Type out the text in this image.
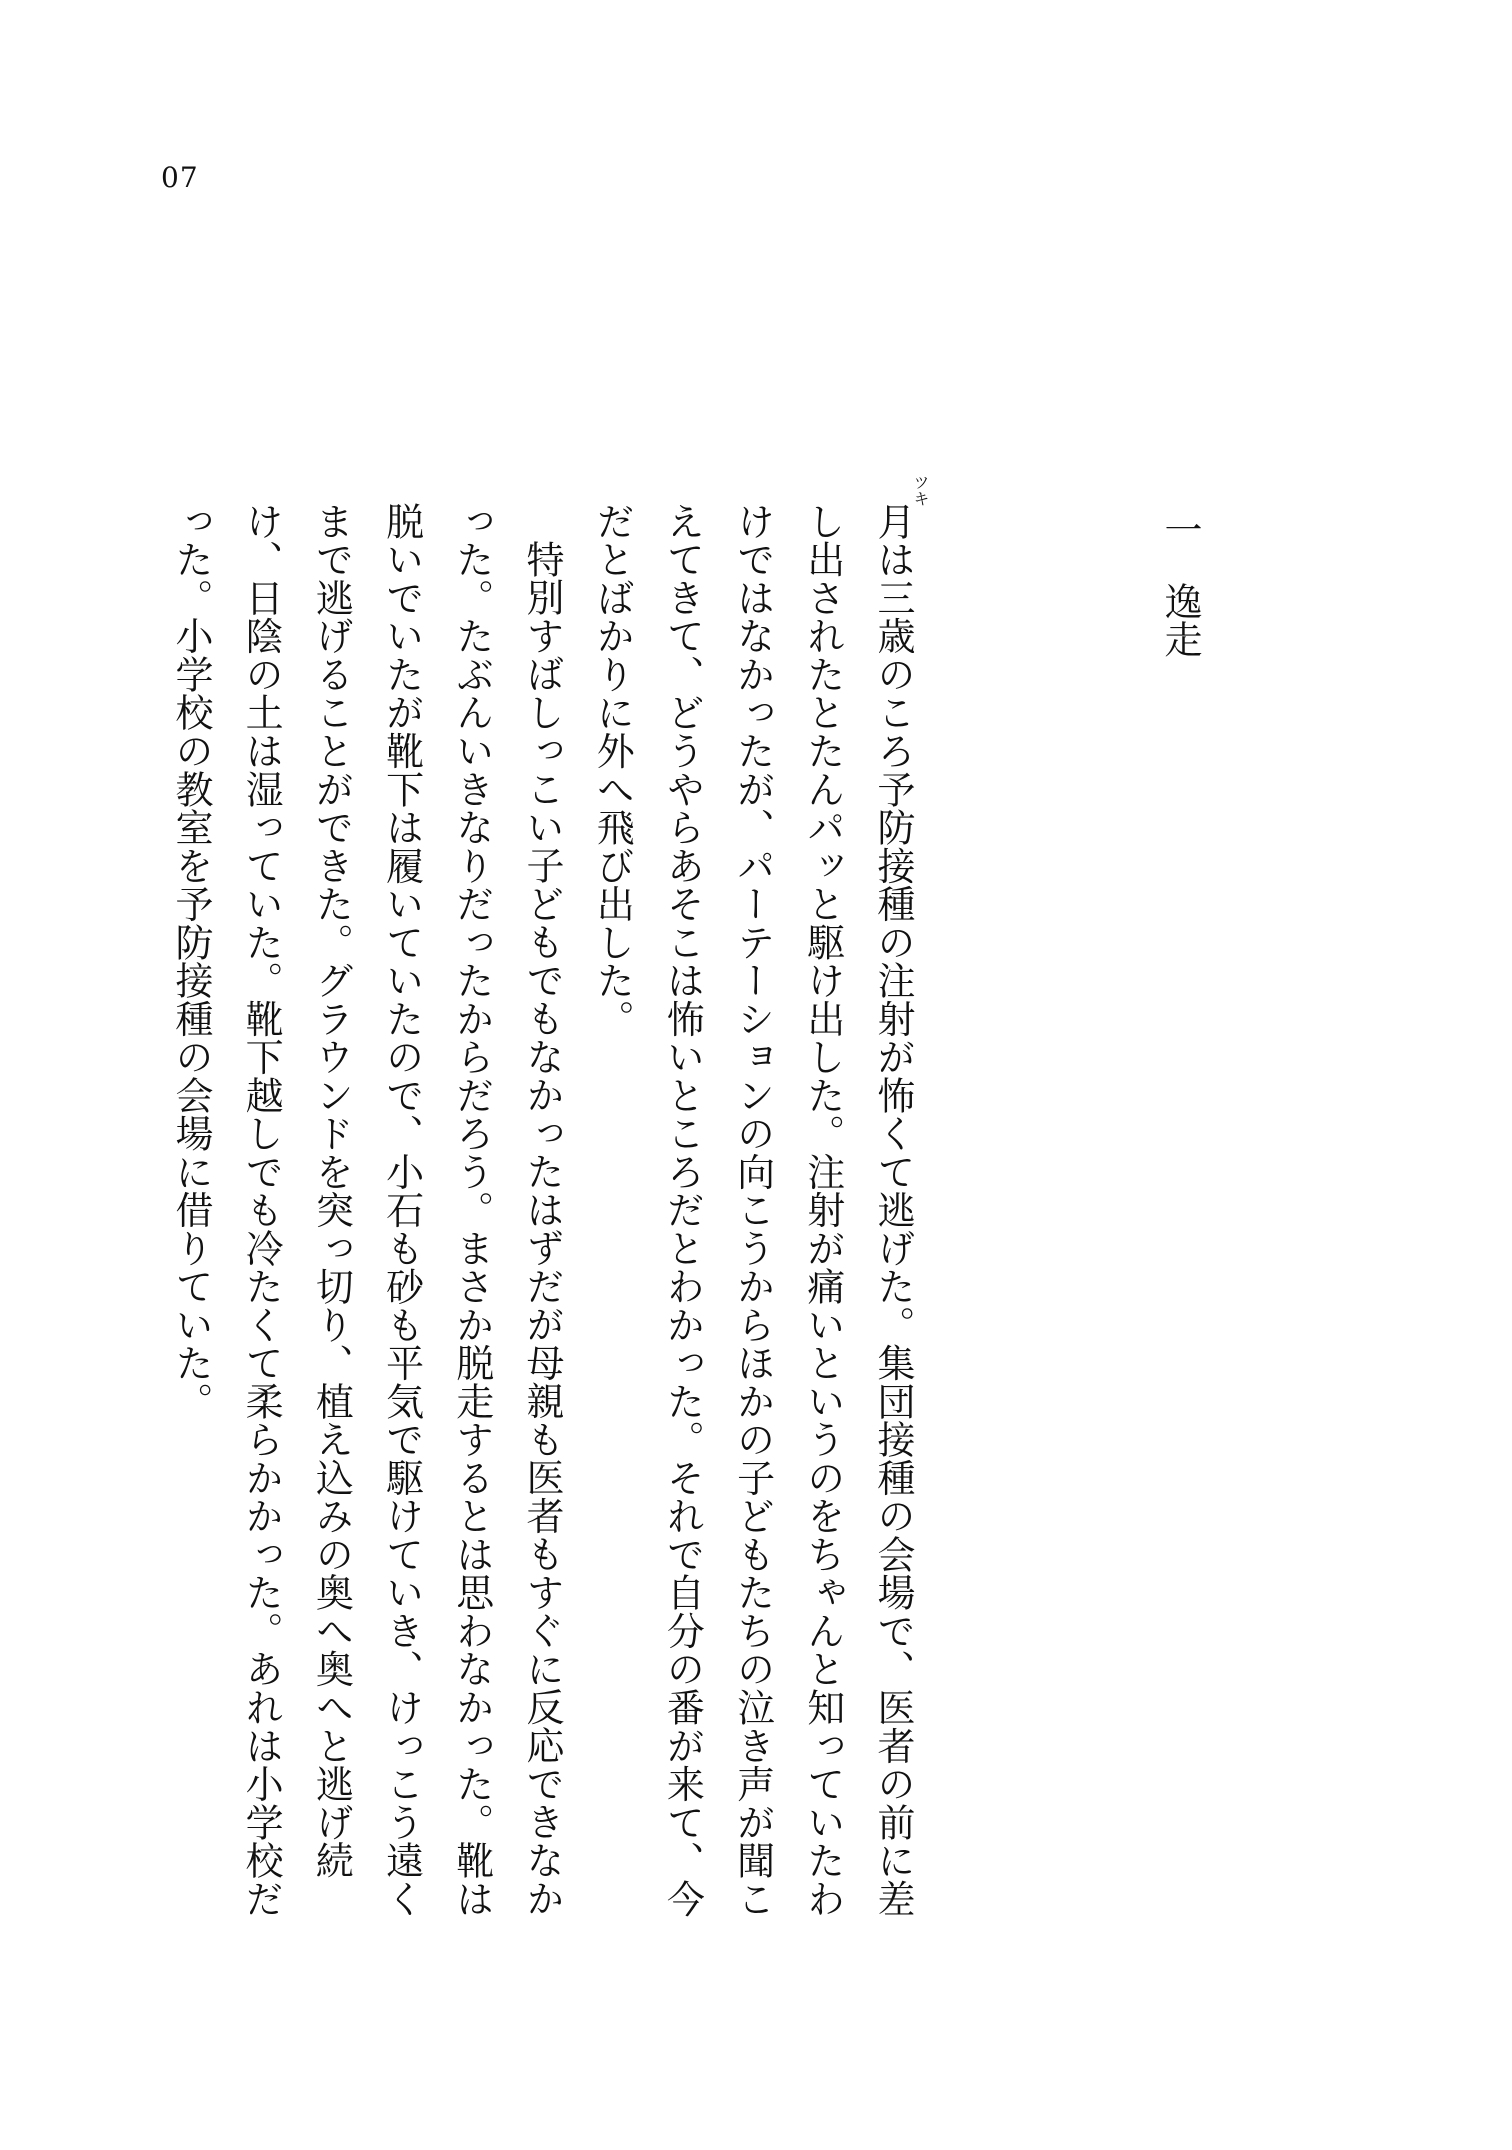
07
一逸走
ツキ

月は三歳のころ予防接種の注射が怖くて逃げた。集団接種の会場で、医者の前に差し出されたとたんパッと駆け出した。注射が痛いというのをちゃんと知っていたわけではなかったが、パーテーションの向こうからほかの子どもたちの泣き声が聞こえてきて、どうやらあそこは怖いところだとわかった。それで自分の番が来て、今だとばかりに外へ飛び出した。

特別すばしっこい子どもでもなかったはずだが母親も医者もすぐに反応できなかった。たぶんいきなりだったからだろう。まさか脱走するとは思わなかった。靴は脱いでいたが靴下は履いていたので、小石も砂も平気で駆けていき、けっこう遠くまで逃げることができた。グラウンドを突っ切り、植え込みの奥へ奥へと逃げ続け、日陰の土は湿っていた。靴下越しでも冷たくて柔らかかった。あれは小学校だった。小学校の教室を予防接種の会場に借りていた。
